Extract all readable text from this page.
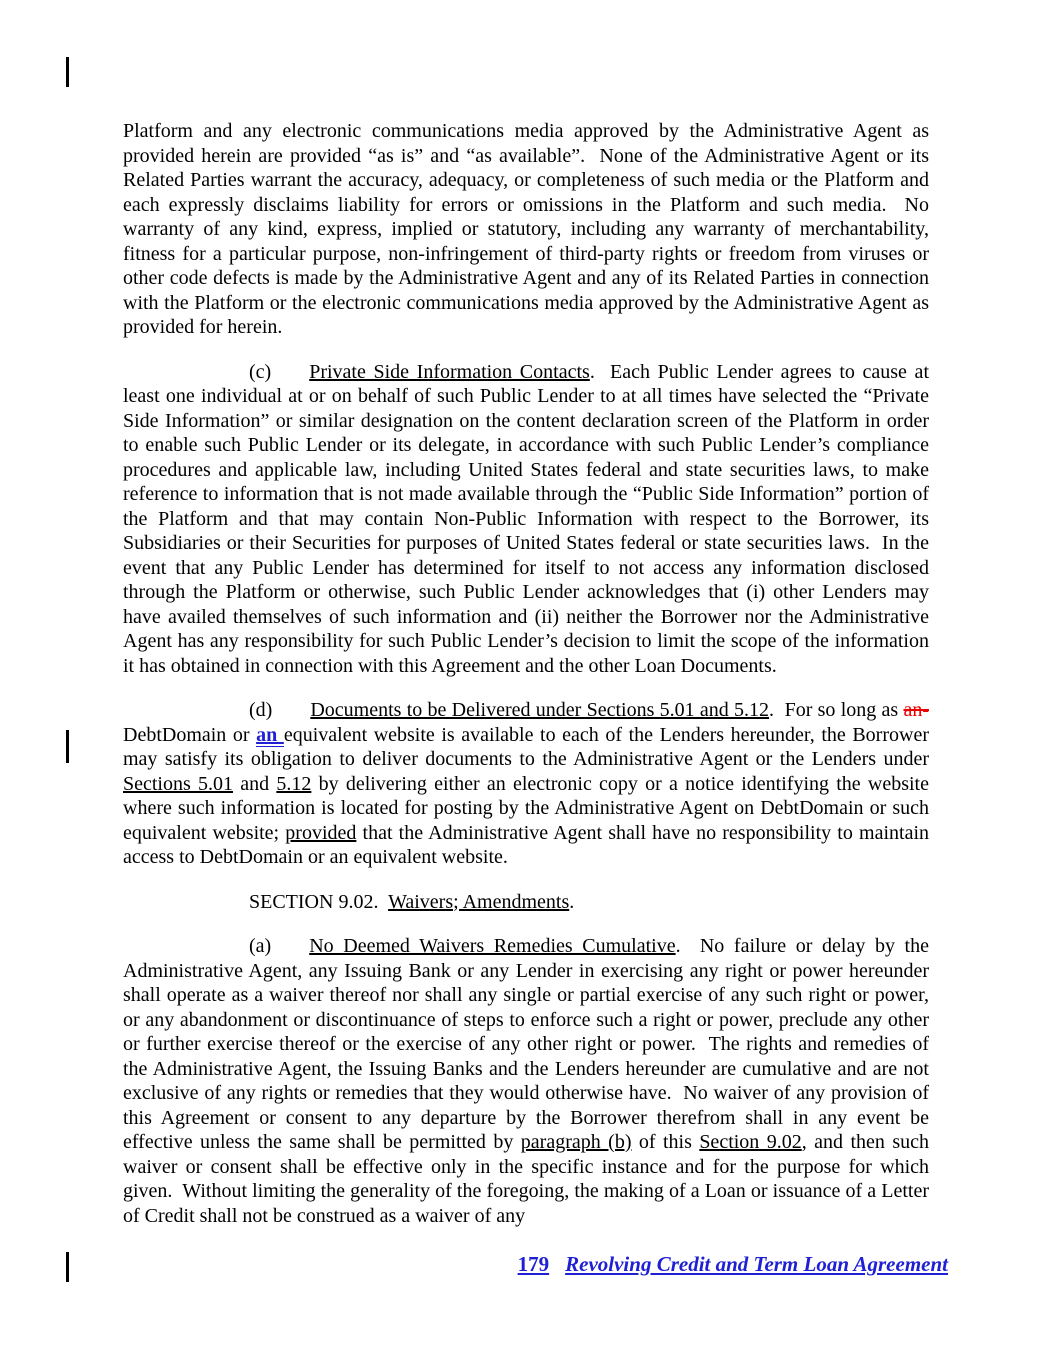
Platform and any electronic communications media approved by the Administrative Agent as provided herein are provided “as is” and “as available”.  None of the Administrative Agent or its Related Parties warrant the accuracy, adequacy, or completeness of such media or the Platform and each expressly disclaims liability for errors or omissions in the Platform and such media.  No warranty of any kind, express, implied or statutory, including any warranty of merchantability, fitness for a particular purpose, non-infringement of third-party rights or freedom from viruses or other code defects is made by the Administrative Agent and any of its Related Parties in connection with the Platform or the electronic communications media approved by the Administrative Agent as provided for herein.

(c) Private Side Information Contacts.  Each Public Lender agrees to cause at least one individual at or on behalf of such Public Lender to at all times have selected the “Private Side Information” or similar designation on the content declaration screen of the Platform in order to enable such Public Lender or its delegate, in accordance with such Public Lender’s compliance procedures and applicable law, including United States federal and state securities laws, to make reference to information that is not made available through the “Public Side Information” portion of the Platform and that may contain Non-Public Information with respect to the Borrower, its Subsidiaries or their Securities for purposes of United States federal or state securities laws.  In the event that any Public Lender has determined for itself to not access any information disclosed through the Platform or otherwise, such Public Lender acknowledges that (i) other Lenders may have availed themselves of such information and (ii) neither the Borrower nor the Administrative Agent has any responsibility for such Public Lender’s decision to limit the scope of the information it has obtained in connection with this Agreement and the other Loan Documents.

(d) Documents to be Delivered under Sections 5.01 and 5.12.  For so long as an-DebtDomain or an equivalent website is available to each of the Lenders hereunder, the Borrower may satisfy its obligation to deliver documents to the Administrative Agent or the Lenders under Sections 5.01 and 5.12 by delivering either an electronic copy or a notice identifying the website where such information is located for posting by the Administrative Agent on DebtDomain or such equivalent website; provided that the Administrative Agent shall have no responsibility to maintain access to DebtDomain or an equivalent website.

SECTION 9.02.  Waivers; Amendments.

(a) No Deemed Waivers Remedies Cumulative.  No failure or delay by the Administrative Agent, any Issuing Bank or any Lender in exercising any right or power hereunder shall operate as a waiver thereof nor shall any single or partial exercise of any such right or power, or any abandonment or discontinuance of steps to enforce such a right or power, preclude any other or further exercise thereof or the exercise of any other right or power.  The rights and remedies of the Administrative Agent, the Issuing Banks and the Lenders hereunder are cumulative and are not exclusive of any rights or remedies that they would otherwise have.  No waiver of any provision of this Agreement or consent to any departure by the Borrower therefrom shall in any event be effective unless the same shall be permitted by paragraph (b) of this Section 9.02, and then such waiver or consent shall be effective only in the specific instance and for the purpose for which given.  Without limiting the generality of the foregoing, the making of a Loan or issuance of a Letter of Credit shall not be construed as a waiver of any

179 Revolving Credit and Term Loan Agreement
